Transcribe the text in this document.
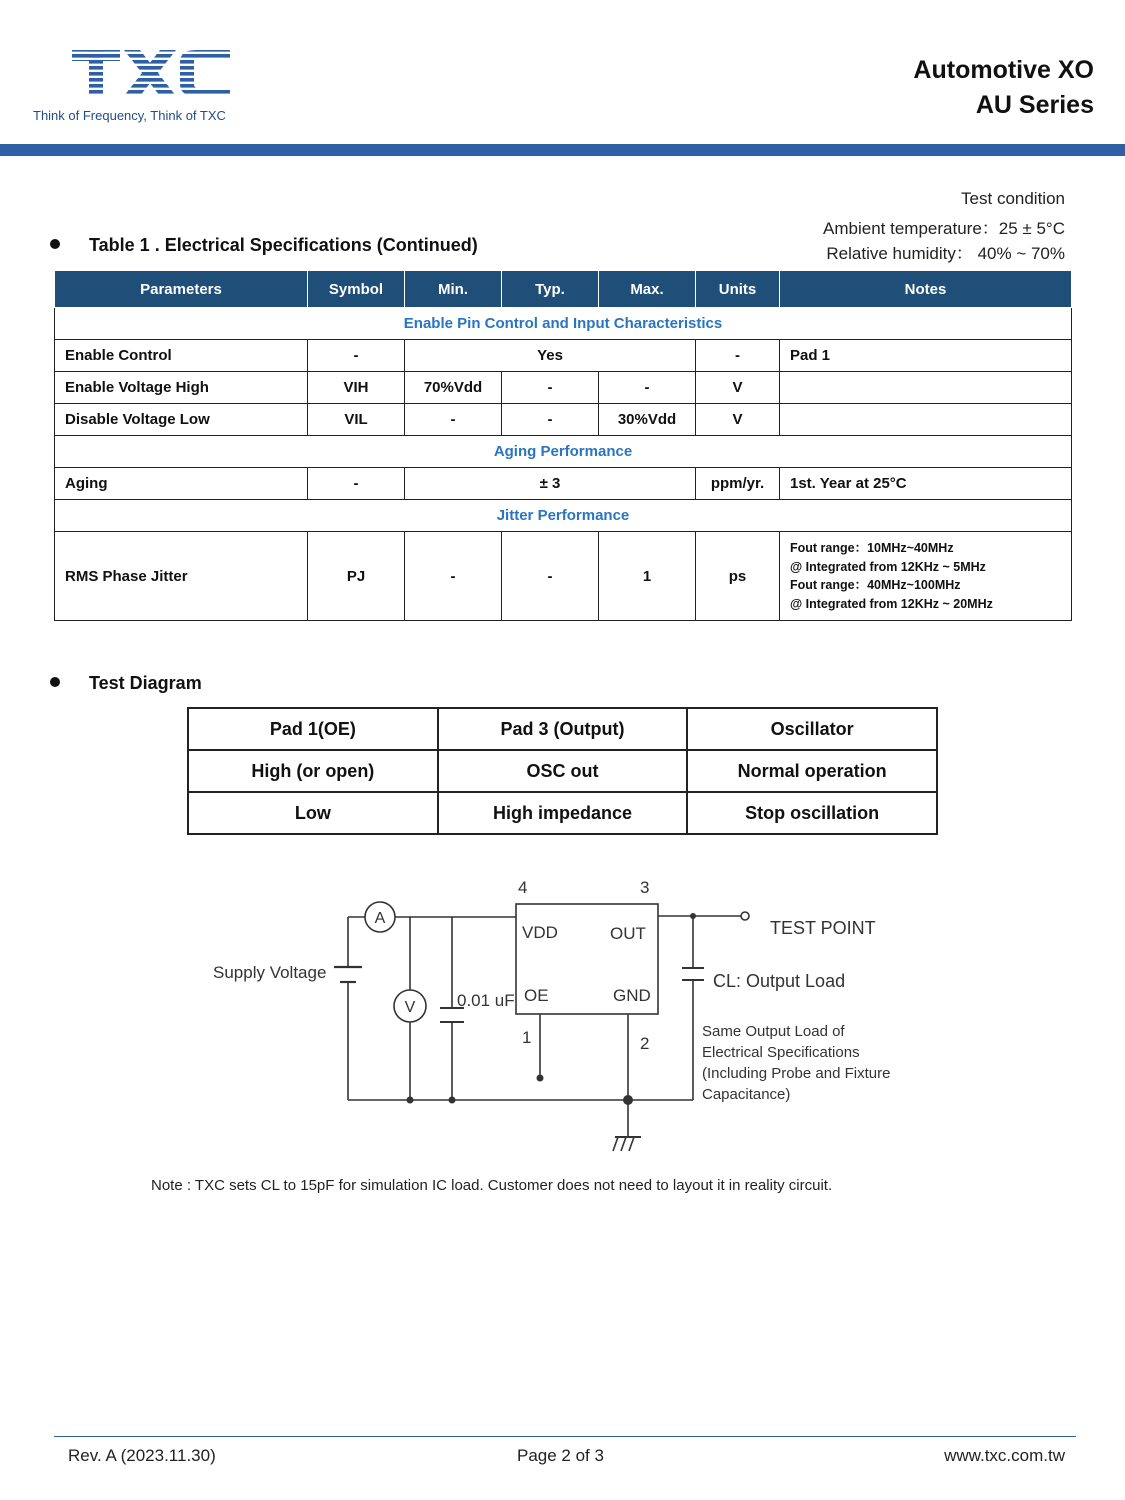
Think of Frequency, Think of TXC
Automotive XO
AU Series
Test condition
Ambient temperature：25 ± 5°C
Relative humidity： 40% ~ 70%
Table 1 . Electrical Specifications (Continued)
Parameters	Symbol	Min.	Typ.	Max.	Units	Notes
Enable Pin Control and Input Characteristics						
Enable Control	-	Yes			-	Pad 1
Enable Voltage High	VIH	70%Vdd	-	-	V	
Disable Voltage Low	VIL	-	-	30%Vdd	V	
Aging Performance						
Aging	-	± 3			ppm/yr.	1st. Year at 25°C
Jitter Performance						
RMS Phase Jitter	PJ	-	-	1	ps	Fout range：10MHz~40MHz
@ Integrated from 12KHz ~ 5MHz
Fout range：40MHz~100MHz
@ Integrated from 12KHz ~ 20MHz
Test Diagram
Pad 1(OE)	Pad 3 (Output)	Oscillator
High (or open)	OSC out	Normal operation
Low	High impedance	Stop oscillation
A
V
Supply Voltage
0.01 uF
VDD	OUT
OE	GND
4	3
1	2
TEST POINT
CL: Output Load
Same Output Load of
Electrical Specifications
(Including Probe and Fixture
Capacitance)
Note : TXC sets CL to 15pF for simulation IC load. Customer does not need to layout it in reality circuit.
Rev. A (2023.11.30)	Page 2 of 3	www.txc.com.tw
